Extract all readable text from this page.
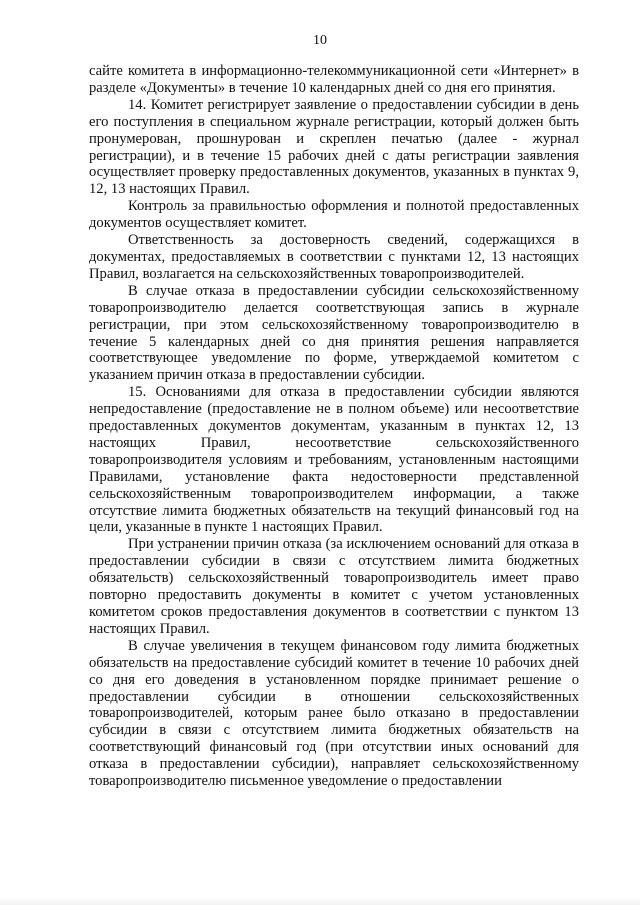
10

сайте комитета в информационно-телекоммуникационной сети «Интернет» в разделе «Документы» в течение 10 календарных дней со дня его принятия.

14. Комитет регистрирует заявление о предоставлении субсидии в день его поступления в специальном журнале регистрации, который должен быть пронумерован, прошнурован и скреплен печатью (далее - журнал регистрации), и в течение 15 рабочих дней с даты регистрации заявления осуществляет проверку предоставленных документов, указанных в пунктах 9, 12, 13 настоящих Правил.

Контроль за правильностью оформления и полнотой предоставленных документов осуществляет комитет.

Ответственность за достоверность сведений, содержащихся в документах, предоставляемых в соответствии с пунктами 12, 13 настоящих Правил, возлагается на сельскохозяйственных товаропроизводителей.

В случае отказа в предоставлении субсидии сельскохозяйственному товаропроизводителю делается соответствующая запись в журнале регистрации, при этом сельскохозяйственному товаропроизводителю в течение 5 календарных дней со дня принятия решения направляется соответствующее уведомление по форме, утверждаемой комитетом с указанием причин отказа в предоставлении субсидии.

15. Основаниями для отказа в предоставлении субсидии являются непредоставление (предоставление не в полном объеме) или несоответствие предоставленных документов документам, указанным в пунктах 12, 13 настоящих Правил, несоответствие сельскохозяйственного товаропроизводителя условиям и требованиям, установленным настоящими Правилами, установление факта недостоверности представленной сельскохозяйственным товаропроизводителем информации, а также отсутствие лимита бюджетных обязательств на текущий финансовый год на цели, указанные в пункте 1 настоящих Правил.

При устранении причин отказа (за исключением оснований для отказа в предоставлении субсидии в связи с отсутствием лимита бюджетных обязательств) сельскохозяйственный товаропроизводитель имеет право повторно предоставить документы в комитет с учетом установленных комитетом сроков предоставления документов в соответствии с пунктом 13 настоящих Правил.

В случае увеличения в текущем финансовом году лимита бюджетных обязательств на предоставление субсидий комитет в течение 10 рабочих дней со дня его доведения в установленном порядке принимает решение о предоставлении субсидии в отношении сельскохозяйственных товаропроизводителей, которым ранее было отказано в предоставлении субсидии в связи с отсутствием лимита бюджетных обязательств на соответствующий финансовый год (при отсутствии иных оснований для отказа в предоставлении субсидии), направляет сельскохозяйственному товаропроизводителю письменное уведомление о предоставлении
